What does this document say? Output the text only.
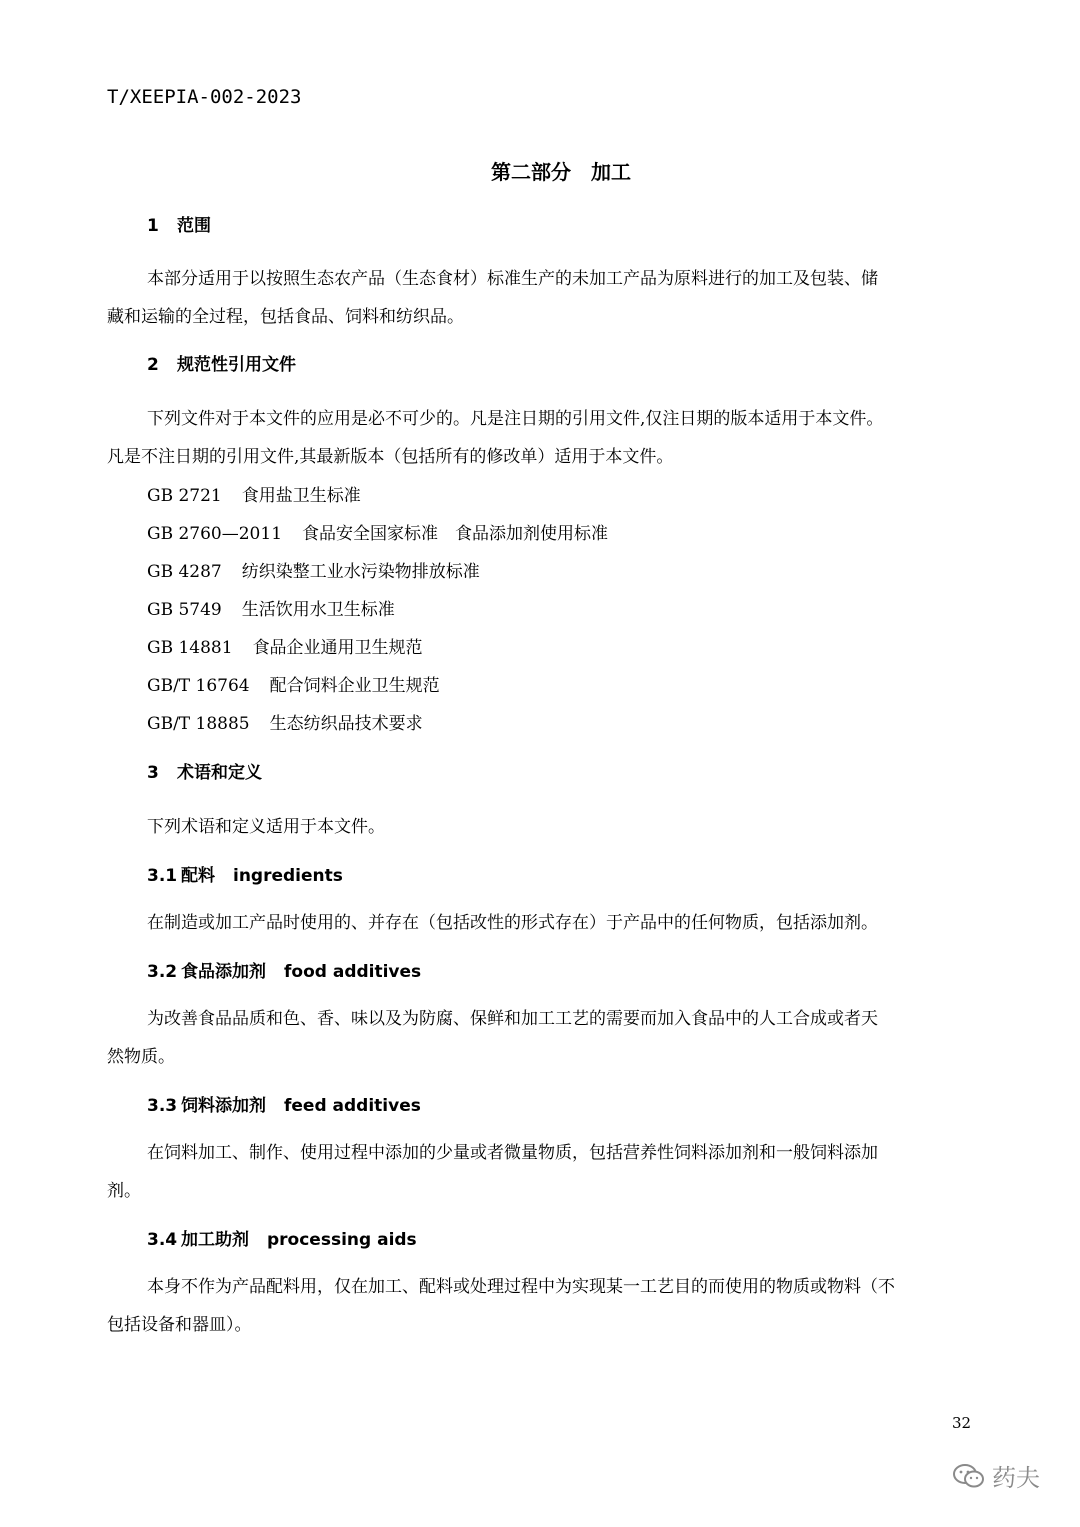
T/XEEPIA-002-2023
第二部分　加工
1 范围
本部分适用于以按照生态农产品（生态食材）标准生产的未加工产品为原料进行的加工及包装、储
藏和运输的全过程，包括食品、饲料和纺织品。
2 规范性引用文件
下列文件对于本文件的应用是必不可少的。凡是注日期的引用文件,仅注日期的版本适用于本文件。
凡是不注日期的引用文件,其最新版本（包括所有的修改单）适用于本文件。
GB 2721 食用盐卫生标准
GB 2760—2011 食品安全国家标准　食品添加剂使用标准
GB 4287 纺织染整工业水污染物排放标准
GB 5749 生活饮用水卫生标准
GB 14881 食品企业通用卫生规范
GB/T 16764 配合饲料企业卫生规范
GB/T 18885 生态纺织品技术要求
3 术语和定义
下列术语和定义适用于本文件。
3.1 配料 ingredients
在制造或加工产品时使用的、并存在（包括改性的形式存在）于产品中的任何物质，包括添加剂。
3.2 食品添加剂 food additives
为改善食品品质和色、香、味以及为防腐、保鲜和加工工艺的需要而加入食品中的人工合成或者天
然物质。
3.3 饲料添加剂 feed additives
在饲料加工、制作、使用过程中添加的少量或者微量物质，包括营养性饲料添加剂和一般饲料添加
剂。
3.4 加工助剂 processing aids
本身不作为产品配料用，仅在加工、配料或处理过程中为实现某一工艺目的而使用的物质或物料（不
包括设备和器皿）。
32
药夫
